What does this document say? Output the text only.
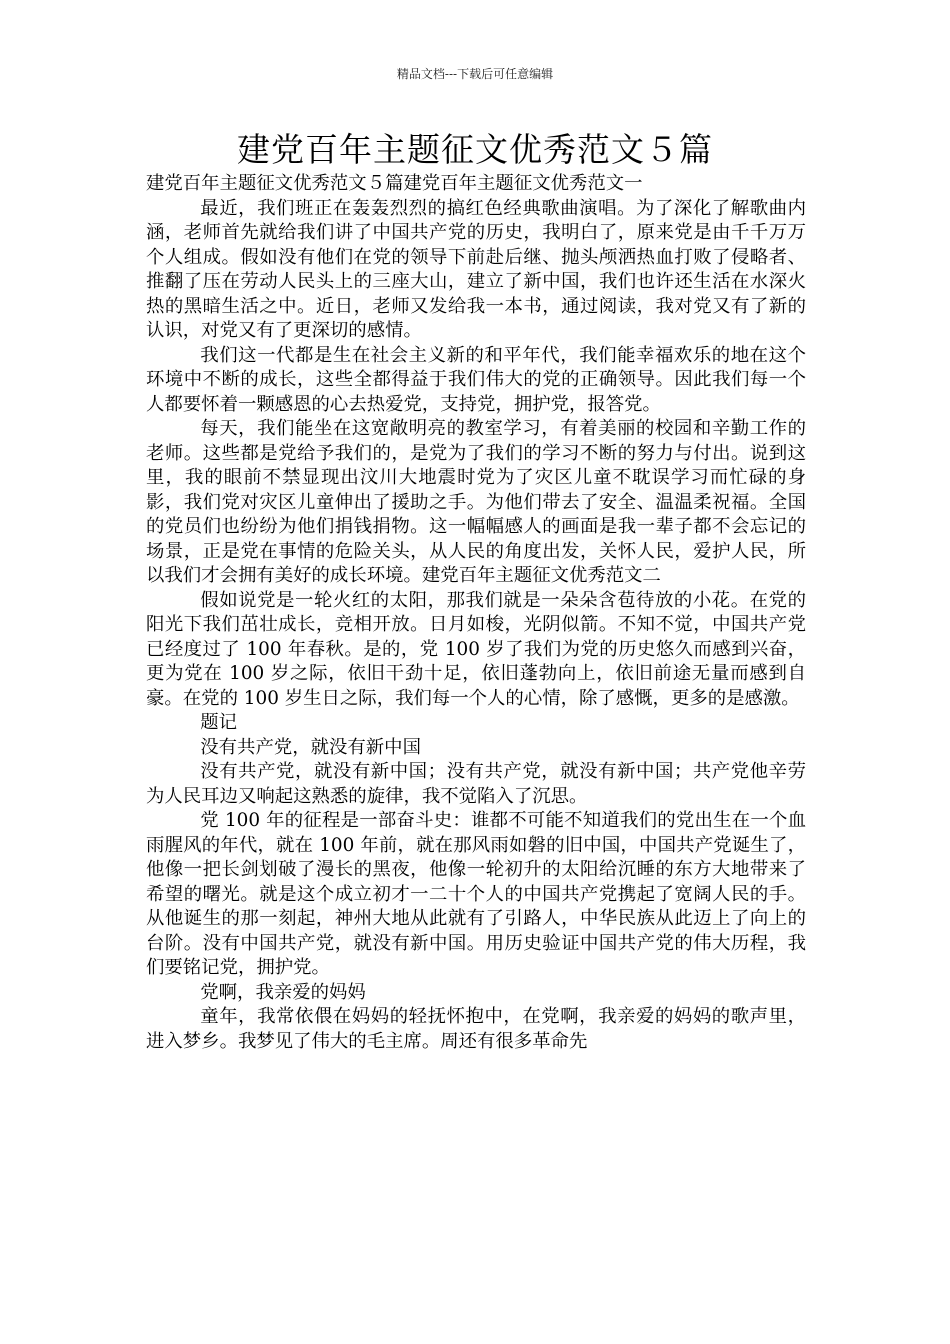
精品文档---下载后可任意编辑
建党百年主题征文优秀范文５篇

建党百年主题征文优秀范文５篇建党百年主题征文优秀范文一

最近，我们班正在轰轰烈烈的搞红色经典歌曲演唱。为了深化了解歌曲内涵，老师首先就给我们讲了中国共产党的历史，我明白了，原来党是由千千万万个人组成。假如没有他们在党的领导下前赴后继、抛头颅洒热血打败了侵略者、推翻了压在劳动人民头上的三座大山，建立了新中国，我们也许还生活在水深火热的黑暗生活之中。近日，老师又发给我一本书，通过阅读，我对党又有了新的认识，对党又有了更深切的感情。

我们这一代都是生在社会主义新的和平年代，我们能幸福欢乐的地在这个环境中不断的成长，这些全都得益于我们伟大的党的正确领导。因此我们每一个人都要怀着一颗感恩的心去热爱党，支持党，拥护党，报答党。

每天，我们能坐在这宽敞明亮的教室学习，有着美丽的校园和辛勤工作的老师。这些都是党给予我们的，是党为了我们的学习不断的努力与付出。说到这里，我的眼前不禁显现出汶川大地震时党为了灾区儿童不耽误学习而忙碌的身影，我们党对灾区儿童伸出了援助之手。为他们带去了安全、温温柔祝福。全国的党员们也纷纷为他们捐钱捐物。这一幅幅感人的画面是我一辈子都不会忘记的场景，正是党在事情的危险关头，从人民的角度出发，关怀人民，爱护人民，所以我们才会拥有美好的成长环境。建党百年主题征文优秀范文二

假如说党是一轮火红的太阳，那我们就是一朵朵含苞待放的小花。在党的阳光下我们茁壮成长，竞相开放。日月如梭，光阴似箭。不知不觉，中国共产党已经度过了 100 年春秋。是的，党 100 岁了我们为党的历史悠久而感到兴奋，更为党在 100 岁之际，依旧干劲十足，依旧蓬勃向上，依旧前途无量而感到自豪。在党的 100 岁生日之际，我们每一个人的心情，除了感慨，更多的是感激。

题记

没有共产党，就没有新中国

没有共产党，就没有新中国；没有共产党，就没有新中国；共产党他辛劳为人民耳边又响起这熟悉的旋律，我不觉陷入了沉思。

党 100 年的征程是一部奋斗史：谁都不可能不知道我们的党出生在一个血雨腥风的年代，就在 100 年前，就在那风雨如磐的旧中国，中国共产党诞生了，他像一把长剑划破了漫长的黑夜，他像一轮初升的太阳给沉睡的东方大地带来了希望的曙光。就是这个成立初才一二十个人的中国共产党携起了宽阔人民的手。从他诞生的那一刻起，神州大地从此就有了引路人，中华民族从此迈上了向上的台阶。没有中国共产党，就没有新中国。用历史验证中国共产党的伟大历程，我们要铭记党，拥护党。

党啊，我亲爱的妈妈

童年，我常依偎在妈妈的轻抚怀抱中，在党啊，我亲爱的妈妈的歌声里，进入梦乡。我梦见了伟大的毛主席。周还有很多革命先
